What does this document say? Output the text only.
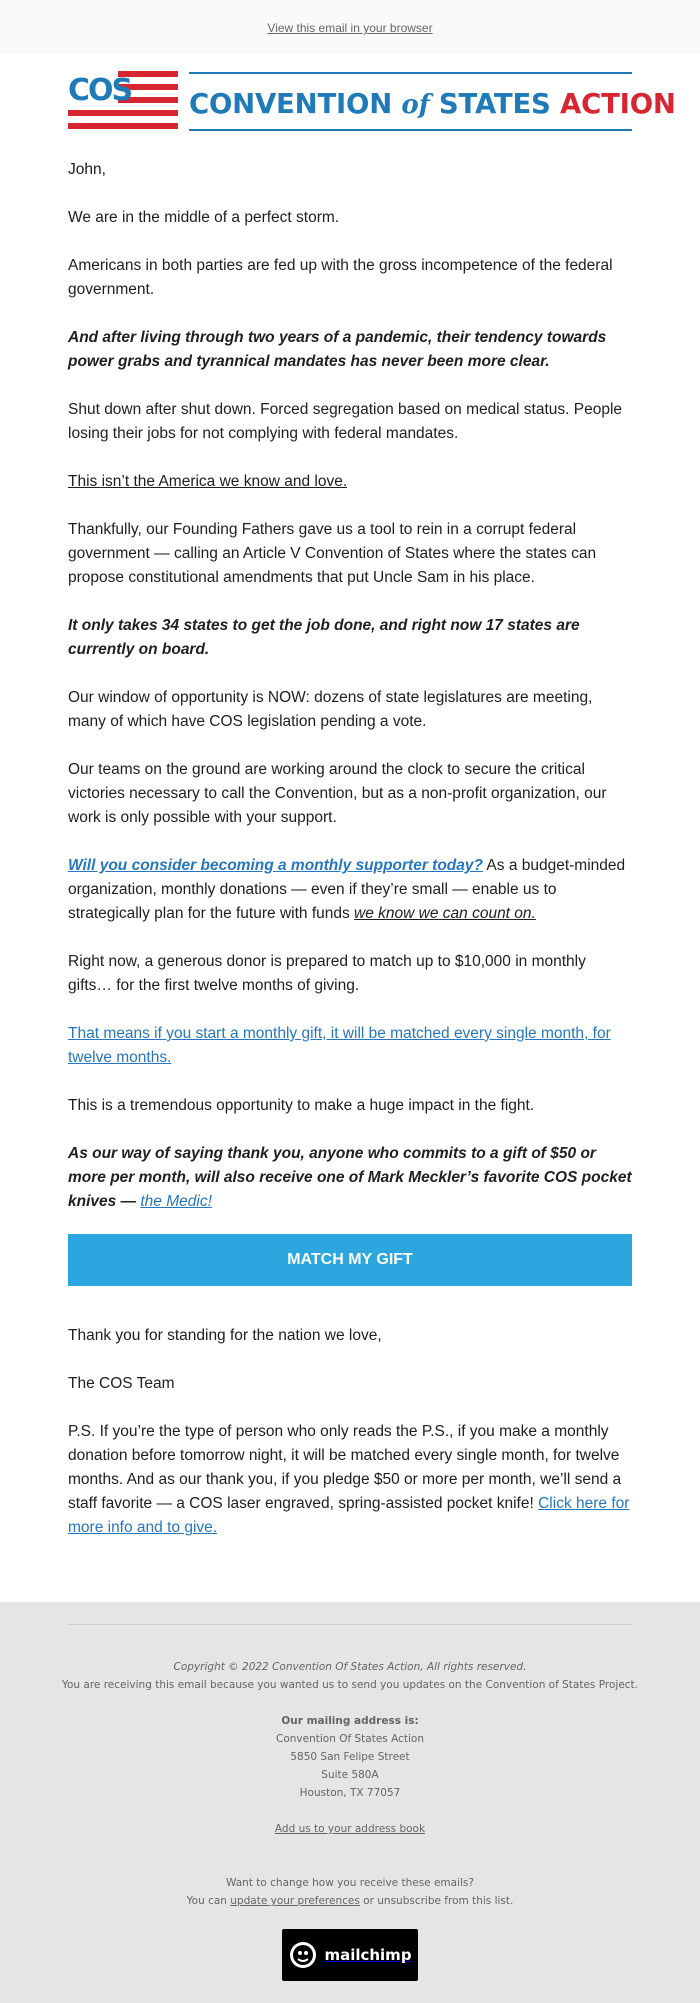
View this email in your browser
COS CONVENTION of STATES ACTION

John,

We are in the middle of a perfect storm.

Americans in both parties are fed up with the gross incompetence of the federal government.

And after living through two years of a pandemic, their tendency towards power grabs and tyrannical mandates has never been more clear.

Shut down after shut down. Forced segregation based on medical status. People losing their jobs for not complying with federal mandates.

This isn’t the America we know and love.

Thankfully, our Founding Fathers gave us a tool to rein in a corrupt federal government — calling an Article V Convention of States where the states can propose constitutional amendments that put Uncle Sam in his place.

It only takes 34 states to get the job done, and right now 17 states are currently on board.

Our window of opportunity is NOW: dozens of state legislatures are meeting, many of which have COS legislation pending a vote.

Our teams on the ground are working around the clock to secure the critical victories necessary to call the Convention, but as a non-profit organization, our work is only possible with your support.

Will you consider becoming a monthly supporter today? As a budget-minded organization, monthly donations — even if they’re small — enable us to strategically plan for the future with funds we know we can count on.

Right now, a generous donor is prepared to match up to $10,000 in monthly gifts… for the first twelve months of giving.

That means if you start a monthly gift, it will be matched every single month, for twelve months.

This is a tremendous opportunity to make a huge impact in the fight.

As our way of saying thank you, anyone who commits to a gift of $50 or more per month, will also receive one of Mark Meckler’s favorite COS pocket knives — the Medic!

MATCH MY GIFT

Thank you for standing for the nation we love,

The COS Team

P.S. If you’re the type of person who only reads the P.S., if you make a monthly donation before tomorrow night, it will be matched every single month, for twelve months. And as our thank you, if you pledge $50 or more per month, we’ll send a staff favorite — a COS laser engraved, spring-assisted pocket knife! Click here for more info and to give.

Copyright © 2022 Convention Of States Action, All rights reserved.
You are receiving this email because you wanted us to send you updates on the Convention of States Project.
Our mailing address is:
Convention Of States Action
5850 San Felipe Street
Suite 580A
Houston, TX 77057
Add us to your address book
Want to change how you receive these emails?
You can update your preferences or unsubscribe from this list.
mailchimp
